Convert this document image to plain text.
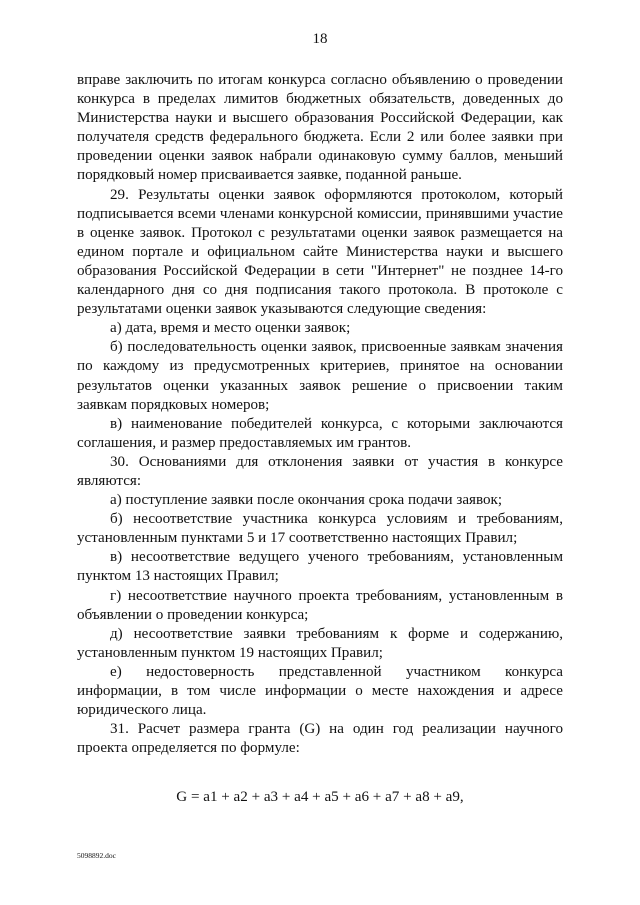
18

вправе заключить по итогам конкурса согласно объявлению о проведении конкурса в пределах лимитов бюджетных обязательств, доведенных до Министерства науки и высшего образования Российской Федерации, как получателя средств федерального бюджета. Если 2 или более заявки при проведении оценки заявок набрали одинаковую сумму баллов, меньший порядковый номер присваивается заявке, поданной раньше.

29. Результаты оценки заявок оформляются протоколом, который подписывается всеми членами конкурсной комиссии, принявшими участие в оценке заявок. Протокол с результатами оценки заявок размещается на едином портале и официальном сайте Министерства науки и высшего образования Российской Федерации в сети "Интернет" не позднее 14-го календарного дня со дня подписания такого протокола. В протоколе с результатами оценки заявок указываются следующие сведения:

а) дата, время и место оценки заявок;

б) последовательность оценки заявок, присвоенные заявкам значения по каждому из предусмотренных критериев, принятое на основании результатов оценки указанных заявок решение о присвоении таким заявкам порядковых номеров;

в) наименование победителей конкурса, с которыми заключаются соглашения, и размер предоставляемых им грантов.

30. Основаниями для отклонения заявки от участия в конкурсе являются:

а) поступление заявки после окончания срока подачи заявок;

б) несоответствие участника конкурса условиям и требованиям, установленным пунктами 5 и 17 соответственно настоящих Правил;

в) несоответствие ведущего ученого требованиям, установленным пунктом 13 настоящих Правил;

г) несоответствие научного проекта требованиям, установленным в объявлении о проведении конкурса;

д) несоответствие заявки требованиям к форме и содержанию, установленным пунктом 19 настоящих Правил;

е) недостоверность представленной участником конкурса информации, в том числе информации о месте нахождения и адресе юридического лица.

31. Расчет размера гранта (G) на один год реализации научного проекта определяется по формуле:

G = a1 + a2 + a3 + a4 + a5 + a6 + a7 + a8 + a9,
5098892.doc
